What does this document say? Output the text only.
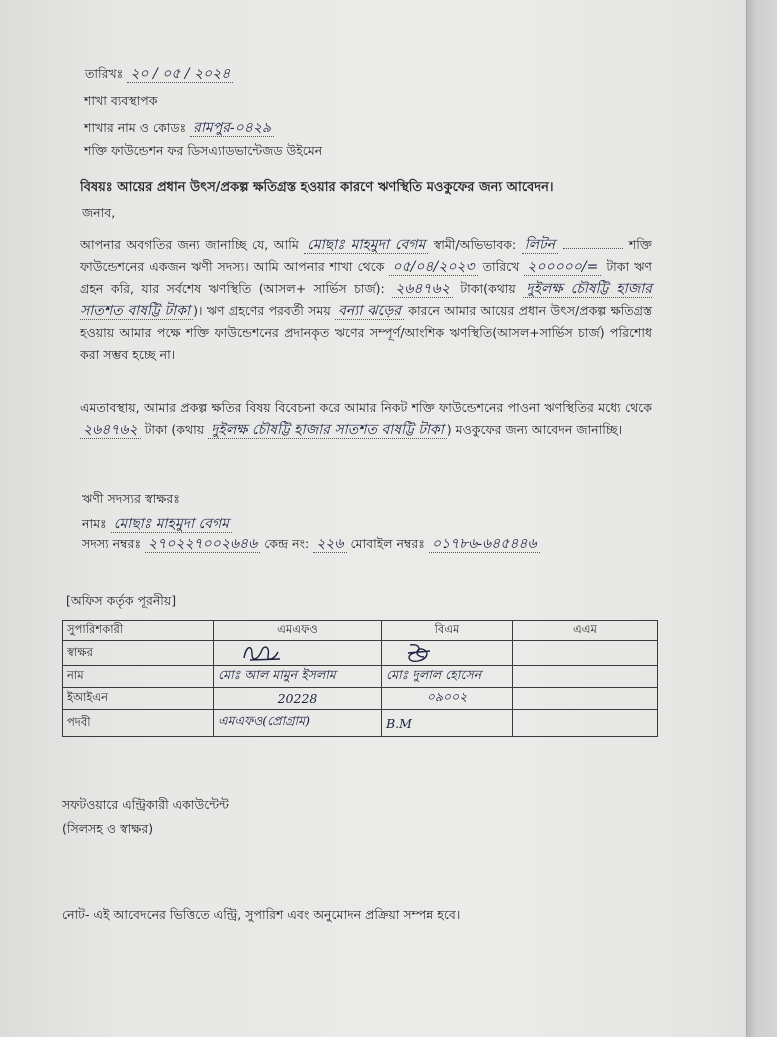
তারিখঃ ২০ / ০৫ / ২০২৪
শাখা ব্যবস্থাপক
শাখার নাম ও কোডঃ রামপুর-০৪২৯
শক্তি ফাউন্ডেশন ফর ডিসএ্যাডভান্টেজড উইমেন
বিষয়ঃ আয়ের প্রধান উৎস/প্রকল্প ক্ষতিগ্রস্ত হওয়ার কারণে ঋণস্থিতি মওকুফের জন্য আবেদন।
জনাব,
আপনার অবগতির জন্য জানাচ্ছি যে, আমি মোছাঃ মাহমুদা বেগম স্বামী/অভিভাবক: লিটন	শক্তি ফাউন্ডেশনের একজন ঋণী সদস্য। আমি আপনার শাখা থেকে ০৫/০৪/২০২৩ তারিখে ২০০০০০/= টাকা ঋণ গ্রহন করি, যার সর্বশেষ ঋণস্থিতি (আসল+ সার্ভিস চার্জ): ২৬৪৭৬২ টাকা(কথায় দুইলক্ষ চৌষট্টি হাজার সাতশত বাষট্টি টাকা )। ঋণ গ্রহণের পরবর্তী সময় বন্যা ঝড়ের কারনে আমার আয়ের প্রধান উৎস/প্রকল্প ক্ষতিগ্রস্ত হওয়ায় আমার পক্ষে শক্তি ফাউন্ডেশনের প্রদানকৃত ঋণের সম্পূর্ণ/আংশিক ঋণস্থিতি(আসল+সার্ভিস চার্জ) পরিশোধ করা সম্ভব হচ্ছে না।
এমতাবস্থায়, আমার প্রকল্প ক্ষতির বিষয় বিবেচনা করে আমার নিকট শক্তি ফাউন্ডেশনের পাওনা ঋণস্থিতির মধ্যে থেকে ২৬৪৭৬২ টাকা (কথায় দুইলক্ষ চৌষট্টি হাজার সাতশত বাষট্টি টাকা ) মওকুফের জন্য আবেদন জানাচ্ছি।
ঋণী সদস্যর স্বাক্ষরঃ
নামঃ মোছাঃ মাহমুদা বেগম
সদস্য নম্বরঃ ২৭০২২৭০০২৬৪৬ কেন্দ্র নং: ২২৬ মোবাইল নম্বরঃ ০১৭৮৬-৬৪৫৪৪৬
[অফিস কর্তৃক পূরনীয়]
সুপারিশকারী	এমএফও	বিএম	এএম
স্বাক্ষর	

নাম	মোঃ আল মামুন ইসলাম	মোঃ দুলাল হোসেন	
ইআইএন	20228	০৯০০২	
পদবী	এমএফও(প্রোগ্রাম)	B.M	
সফটওয়ারে এন্ট্রিকারী একাউন্টেন্ট
(সিলসহ ও স্বাক্ষর)
নোট- এই আবেদনের ভিত্তিতে এন্ট্রি, সুপারিশ এবং অনুমোদন প্রক্রিয়া সম্পন্ন হবে।
